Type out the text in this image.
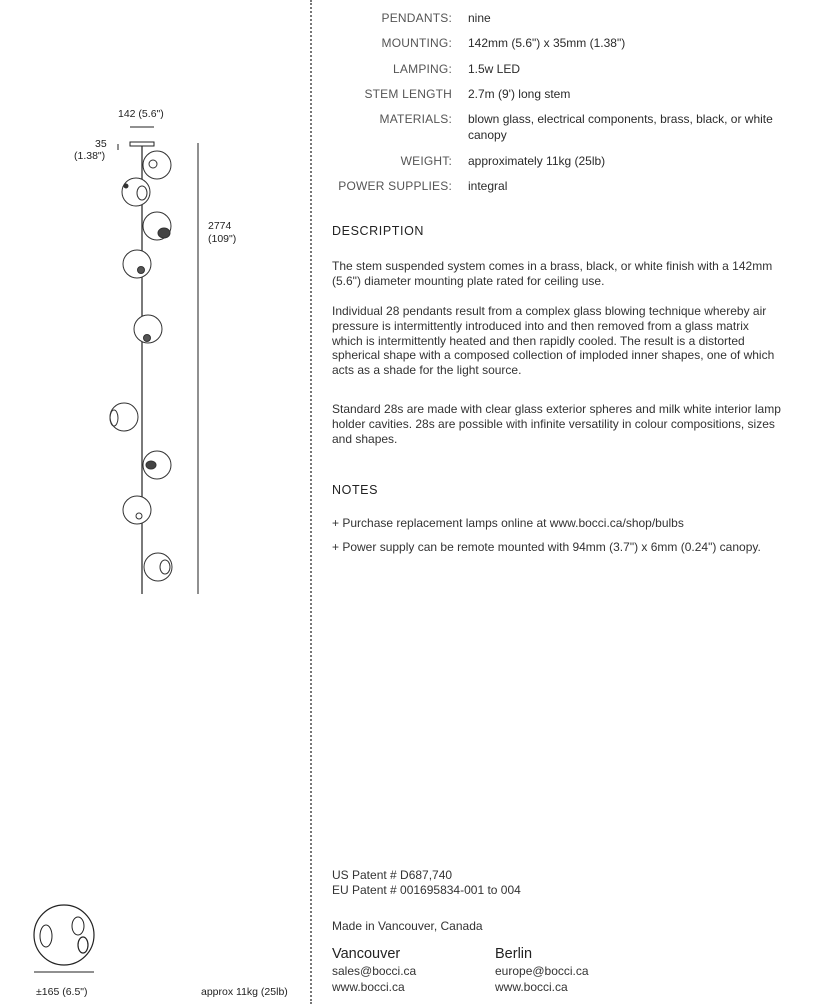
142 (5.6")
35
(1.38")
2774
(109")
±165 (6.5")	approx 11kg (25lb)
PENDANTS: nine
MOUNTING: 142mm (5.6") x 35mm (1.38")
LAMPING: 1.5w LED
STEM LENGTH 2.7m (9') long stem
MATERIALS: blown glass, electrical components, brass, black, or white canopy
WEIGHT: approximately 11kg (25lb)
POWER SUPPLIES: integral
DESCRIPTION
The stem suspended system comes in a brass, black, or white finish with a 142mm (5.6") diameter mounting plate rated for ceiling use.
Individual 28 pendants result from a complex glass blowing technique whereby air pressure is intermittently introduced into and then removed from a glass matrix which is intermittently heated and then rapidly cooled. The result is a distorted spherical shape with a composed collection of imploded inner shapes, one of which acts as a shade for the light source.
Standard 28s are made with clear glass exterior spheres and milk white interior lamp holder cavities. 28s are possible with infinite versatility in colour compositions, sizes and shapes.
NOTES
+ Purchase replacement lamps online at www.bocci.ca/shop/bulbs
+ Power supply can be remote mounted with 94mm (3.7") x 6mm (0.24") canopy.
US Patent # D687,740
EU Patent # 001695834-001 to 004
Made in Vancouver, Canada
Vancouver
sales@bocci.ca
www.bocci.ca
Berlin
europe@bocci.ca
www.bocci.ca
